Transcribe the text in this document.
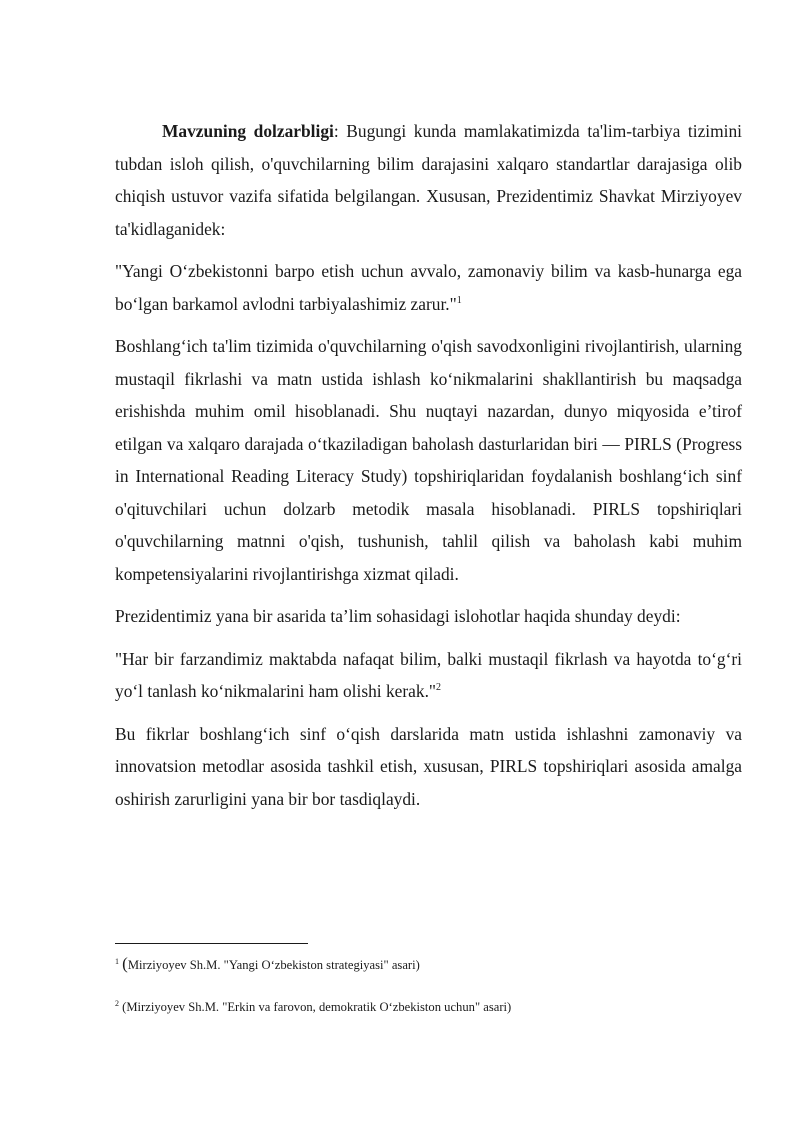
Mavzuning dolzarbligi: Bugungi kunda mamlakatimizda ta'lim-tarbiya tizimini tubdan isloh qilish, o'quvchilarning bilim darajasini xalqaro standartlar darajasiga olib chiqish ustuvor vazifa sifatida belgilangan. Xususan, Prezidentimiz Shavkat Mirziyoyev ta'kidlaganidek:

"Yangi O‘zbekistonni barpo etish uchun avvalo, zamonaviy bilim va kasb-hunarga ega bo‘lgan barkamol avlodni tarbiyalashimiz zarur."$^1$

Boshlang‘ich ta'lim tizimida o'quvchilarning o'qish savodxonligini rivojlantirish, ularning mustaqil fikrlashi va matn ustida ishlash ko‘nikmalarini shakllantirish bu maqsadga erishishda muhim omil hisoblanadi. Shu nuqtayi nazardan, dunyo miqyosida e’tirof etilgan va xalqaro darajada o‘tkaziladigan baholash dasturlaridan biri — PIRLS (Progress in International Reading Literacy Study) topshiriqlaridan foydalanish boshlang‘ich sinf o'qituvchilari uchun dolzarb metodik masala hisoblanadi. PIRLS topshiriqlari o'quvchilarning matnni o'qish, tushunish, tahlil qilish va baholash kabi muhim kompetensiyalarini rivojlantirishga xizmat qiladi.

Prezidentimiz yana bir asarida ta’lim sohasidagi islohotlar haqida shunday deydi:

"Har bir farzandimiz maktabda nafaqat bilim, balki mustaqil fikrlash va hayotda to‘g‘ri yo‘l tanlash ko‘nikmalarini ham olishi kerak."$^2$

Bu fikrlar boshlang‘ich sinf o‘qish darslarida matn ustida ishlashni zamonaviy va innovatsion metodlar asosida tashkil etish, xususan, PIRLS topshiriqlari asosida amalga oshirish zarurligini yana bir bor tasdiqlaydi.

$^1$ (Mirziyoyev Sh.M. "Yangi O‘zbekiston strategiyasi" asari)
$^2$ (Mirziyoyev Sh.M. "Erkin va farovon, demokratik O‘zbekiston uchun" asari)
